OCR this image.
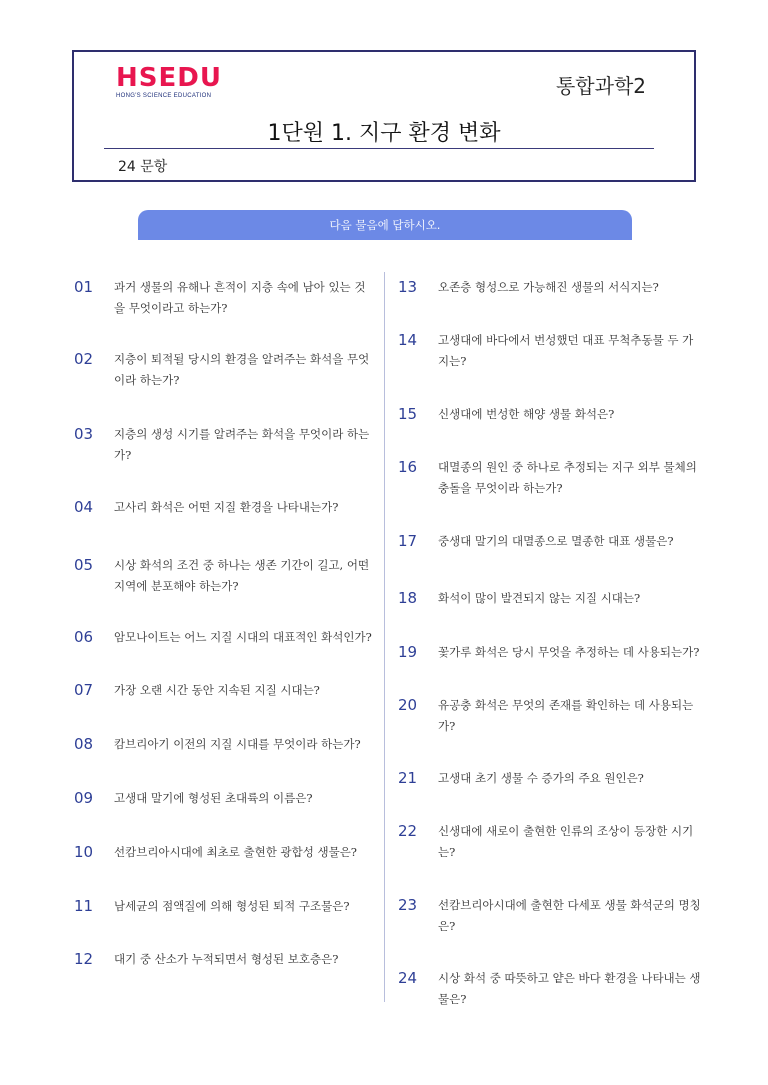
HSEDU
HONG'S SCIENCE EDUCATION	통합과학2
1단원 1. 지구 환경 변화
24 문항
다음 물음에 답하시오.
01	과거 생물의 유해나 흔적이 지층 속에 남아 있는 것을 무엇이라고 하는가?
02	지층이 퇴적될 당시의 환경을 알려주는 화석을 무엇이라 하는가?
03	지층의 생성 시기를 알려주는 화석을 무엇이라 하는가?
04	고사리 화석은 어떤 지질 환경을 나타내는가?
05	시상 화석의 조건 중 하나는 생존 기간이 길고, 어떤 지역에 분포해야 하는가?
06	암모나이트는 어느 지질 시대의 대표적인 화석인가?
07	가장 오랜 시간 동안 지속된 지질 시대는?
08	캄브리아기 이전의 지질 시대를 무엇이라 하는가?
09	고생대 말기에 형성된 초대륙의 이름은?
10	선캄브리아시대에 최초로 출현한 광합성 생물은?
11	남세균의 점액질에 의해 형성된 퇴적 구조물은?
12	대기 중 산소가 누적되면서 형성된 보호층은?
13	오존층 형성으로 가능해진 생물의 서식지는?
14	고생대에 바다에서 번성했던 대표 무척추동물 두 가지는?
15	신생대에 번성한 해양 생물 화석은?
16	대멸종의 원인 중 하나로 추정되는 지구 외부 물체의 충돌을 무엇이라 하는가?
17	중생대 말기의 대멸종으로 멸종한 대표 생물은?
18	화석이 많이 발견되지 않는 지질 시대는?
19	꽃가루 화석은 당시 무엇을 추정하는 데 사용되는가?
20	유공충 화석은 무엇의 존재를 확인하는 데 사용되는가?
21	고생대 초기 생물 수 증가의 주요 원인은?
22	신생대에 새로이 출현한 인류의 조상이 등장한 시기는?
23	선캄브리아시대에 출현한 다세포 생물 화석군의 명칭은?
24	시상 화석 중 따뜻하고 얕은 바다 환경을 나타내는 생물은?
